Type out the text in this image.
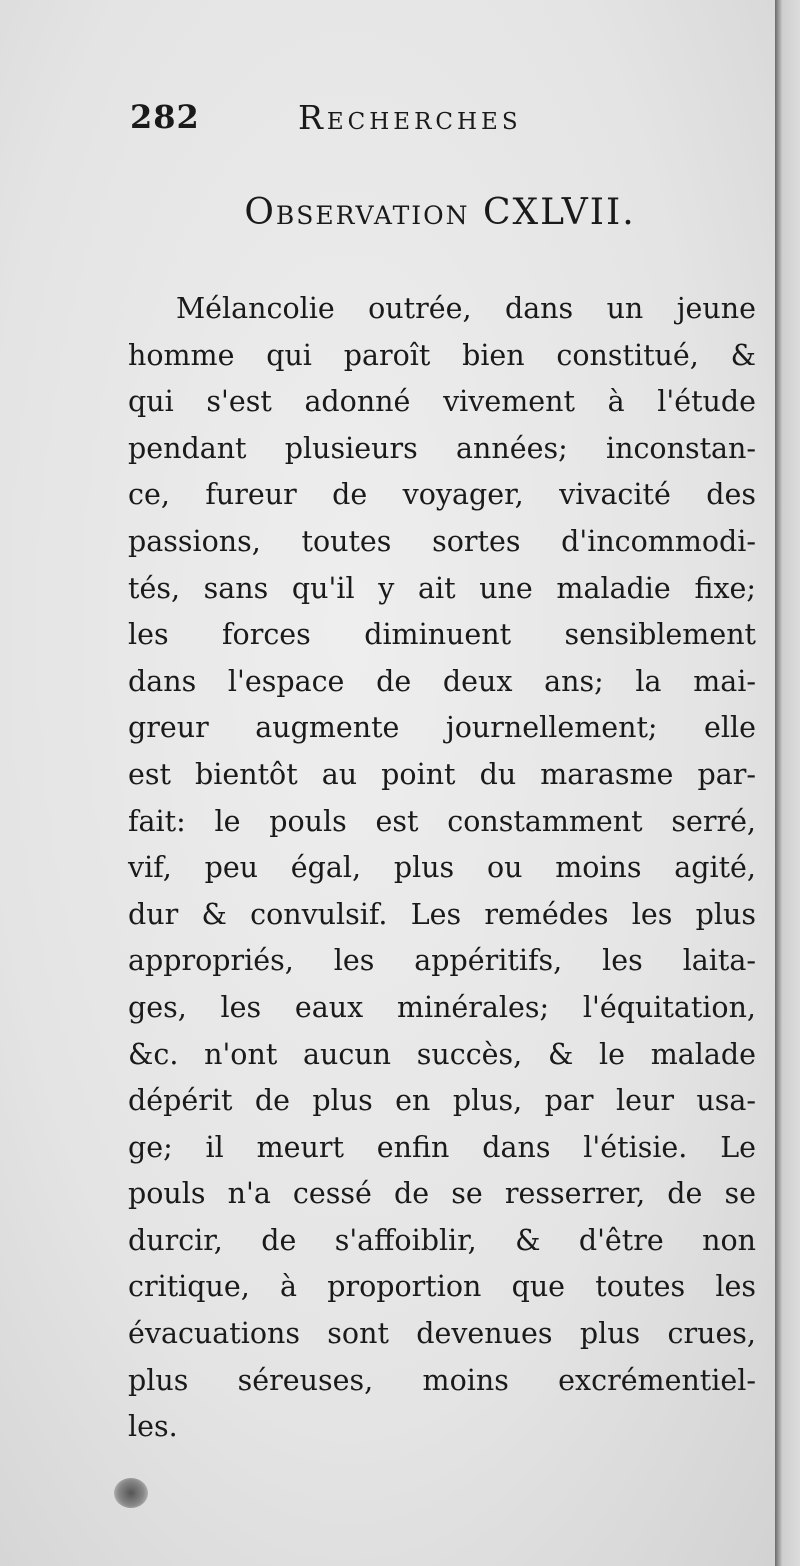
282	Recherches
Observation CXLVII.
Mélancolie outrée, dans un jeune
homme qui paroît bien constitué, &
qui s'est adonné vivement à l'étude
pendant plusieurs années; inconstan-
ce, fureur de voyager, vivacité des
passions, toutes sortes d'incommodi-
tés, sans qu'il y ait une maladie fixe;
les forces diminuent sensiblement
dans l'espace de deux ans; la mai-
greur augmente journellement; elle
est bientôt au point du marasme par-
fait: le pouls est constamment serré,
vif, peu égal, plus ou moins agité,
dur & convulsif. Les remédes les plus
appropriés, les appéritifs, les laita-
ges, les eaux minérales; l'équitation,
&c. n'ont aucun succès, & le malade
dépérit de plus en plus, par leur usa-
ge; il meurt enfin dans l'étisie. Le
pouls n'a cessé de se resserrer, de se
durcir, de s'affoiblir, & d'être non
critique, à proportion que toutes les
évacuations sont devenues plus crues,
plus séreuses, moins excrémentiel-
les.
